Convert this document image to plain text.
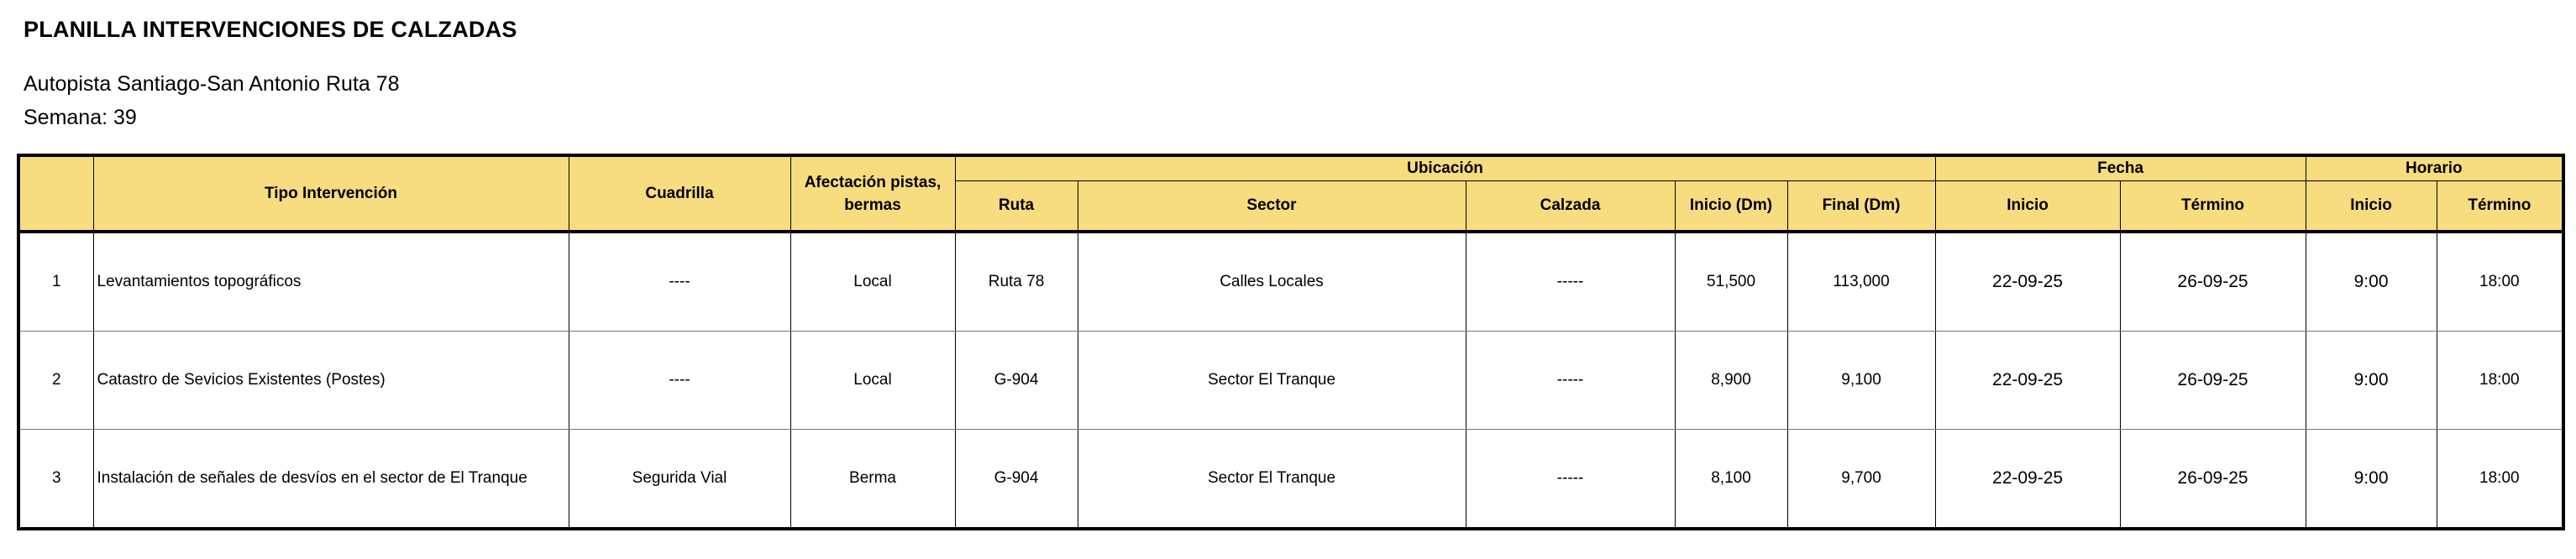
PLANILLA INTERVENCIONES DE CALZADAS
Autopista Santiago-San Antonio Ruta 78
Semana: 39
	Tipo Intervención	Cuadrilla	Afectación pistas, bermas	Ubicación					Fecha		Horario	
				Ruta	Sector	Calzada	Inicio (Dm)	Final (Dm)	Inicio	Término	Inicio	Término
1	Levantamientos topográficos	----	Local	Ruta 78	Calles Locales	-----	51,500	113,000	22-09-25	26-09-25	9:00	18:00
2	Catastro de Sevicios Existentes (Postes)	----	Local	G-904	Sector El Tranque	-----	8,900	9,100	22-09-25	26-09-25	9:00	18:00
3	Instalación de señales de desvíos en el sector de El Tranque	Segurida Vial	Berma	G-904	Sector El Tranque	-----	8,100	9,700	22-09-25	26-09-25	9:00	18:00
